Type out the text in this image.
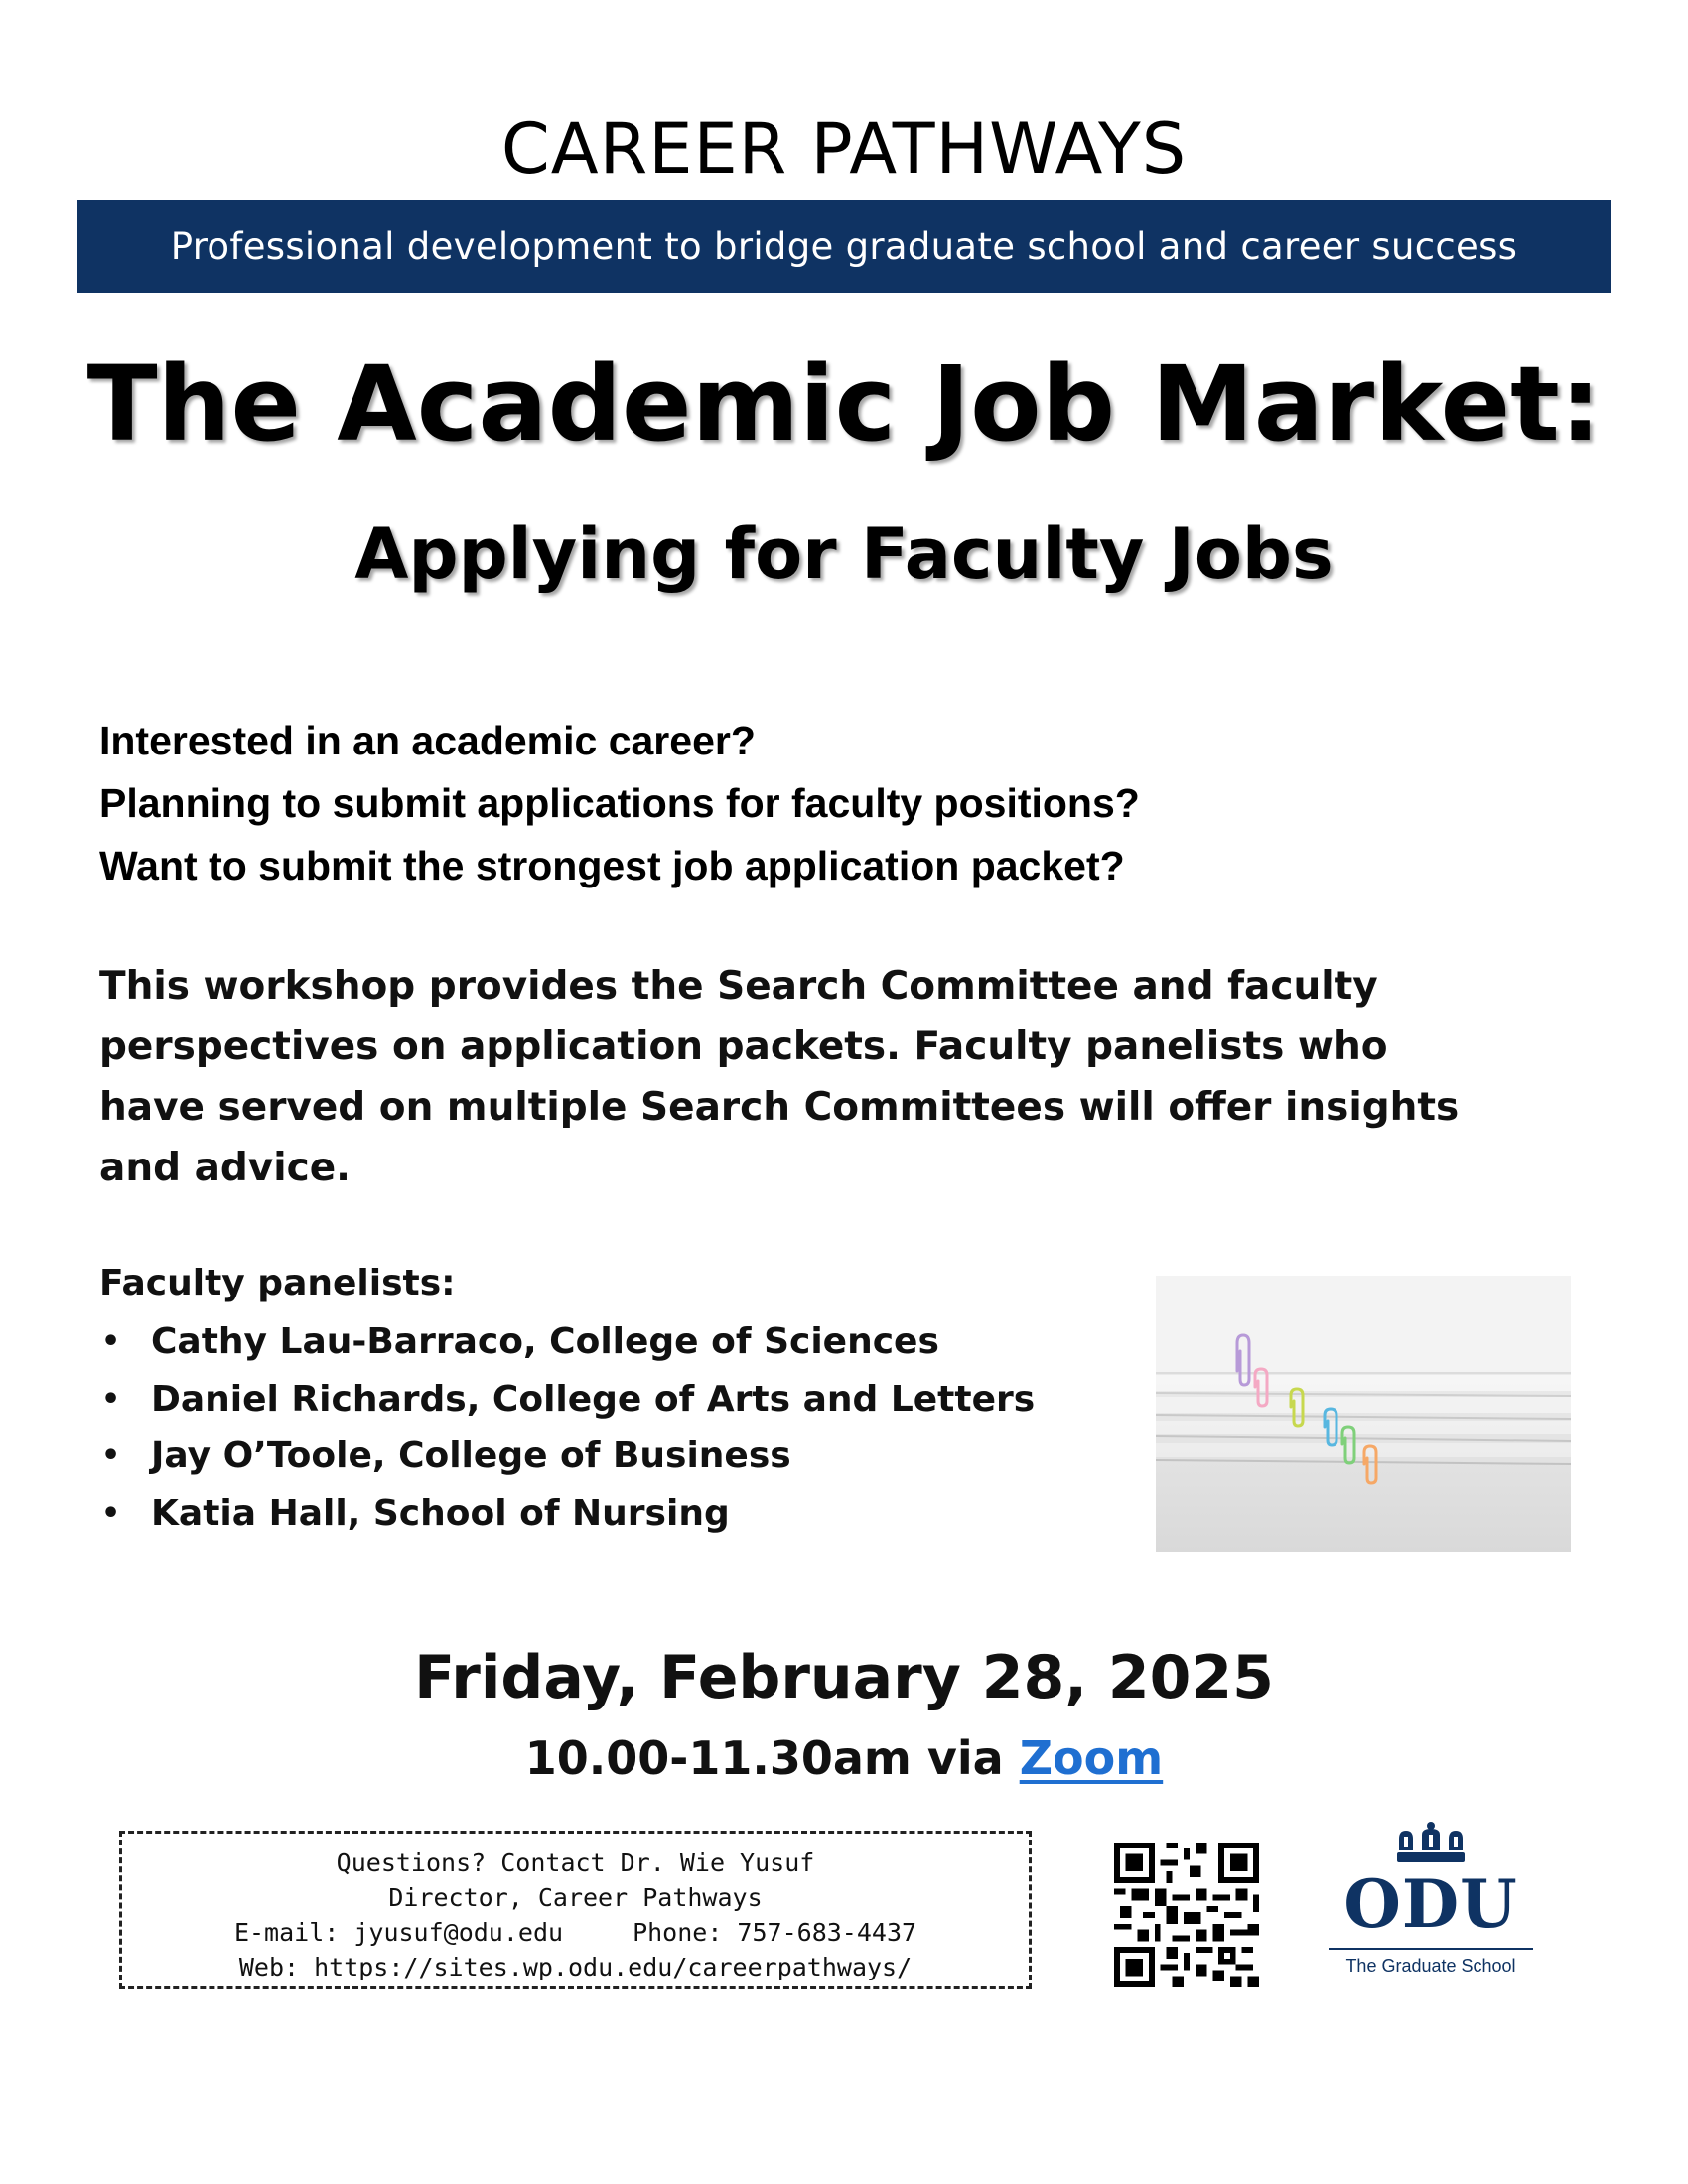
CAREER PATHWAYS
Professional development to bridge graduate school and career success
The Academic Job Market:
Applying for Faculty Jobs
Interested in an academic career?
Planning to submit applications for faculty positions?
Want to submit the strongest job application packet?
This workshop provides the Search Committee and faculty
perspectives on application packets. Faculty panelists who
have served on multiple Search Committees will offer insights
and advice.
Faculty panelists:
• Cathy Lau-Barraco, College of Sciences
• Daniel Richards, College of Arts and Letters
• Jay O’Toole, College of Business
• Katia Hall, School of Nursing
Friday, February 28, 2025
10.00-11.30am via Zoom
Questions? Contact Dr. Wie Yusuf
Director, Career Pathways
E-mail: jyusuf@odu.edu	Phone: 757-683-4437
Web: https://sites.wp.odu.edu/careerpathways/
ODU
The Graduate School
